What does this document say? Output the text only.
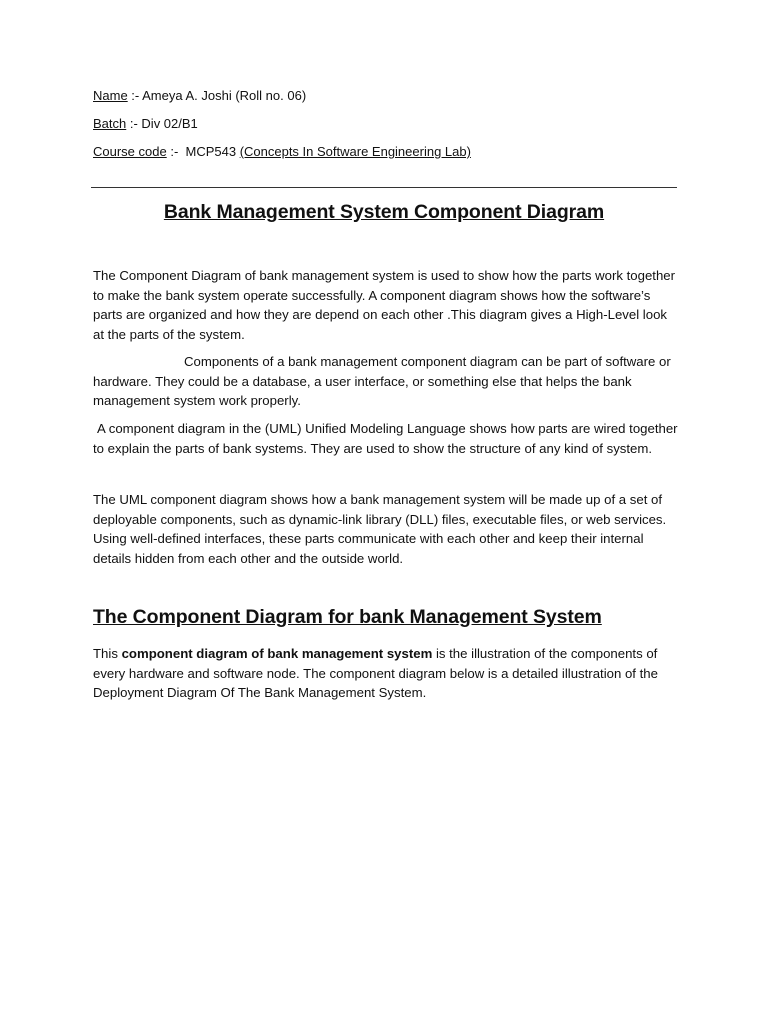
Name :- Ameya A. Joshi (Roll no. 06)
Batch :- Div 02/B1
Course code :-  MCP543 (Concepts In Software Engineering Lab)
Bank Management System Component Diagram

The Component Diagram of bank management system is used to show how the parts work together to make the bank system operate successfully. A component diagram shows how the software’s parts are organized and how they are depend on each other .This diagram gives a High-Level look at the parts of the system.

Components of a bank management component diagram can be part of software or hardware. They could be a database, a user interface, or something else that helps the bank management system work properly.

A component diagram in the (UML) Unified Modeling Language shows how parts are wired together to explain the parts of bank systems. They are used to show the structure of any kind of system.

The UML component diagram shows how a bank management system will be made up of a set of deployable components, such as dynamic-link library (DLL) files, executable files, or web services. Using well-defined interfaces, these parts communicate with each other and keep their internal details hidden from each other and the outside world.

The Component Diagram for bank Management System

This component diagram of bank management system is the illustration of the components of every hardware and software node. The component diagram below is a detailed illustration of the Deployment Diagram Of The Bank Management System.
